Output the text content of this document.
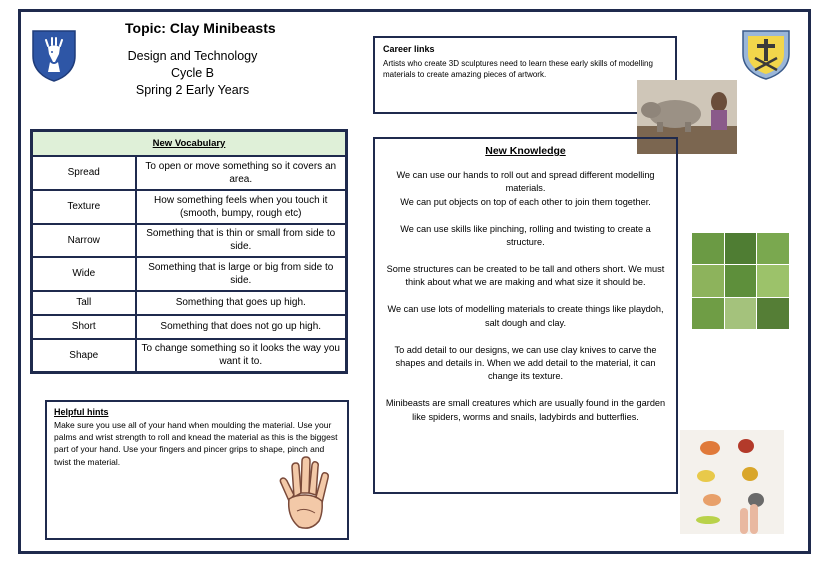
Topic: Clay Minibeasts
Design and Technology
Cycle B
Spring 2 Early Years
Career links
Artists who create 3D sculptures need to learn these early skills of modelling materials to create amazing pieces of artwork.
New Vocabulary	
Spread	To open or move something so it covers an area.
Texture	How something feels when you touch it (smooth, bumpy, rough etc)
Narrow	Something that is thin or small from side to side.
Wide	Something that is large or big from side to side.
Tall	Something that goes up high.
Short	Something that does not go up high.
Shape	To change something so it looks the way you want it to.
Helpful hints
Make sure you use all of your hand when moulding the material. Use your palms and wrist strength to roll and knead the material as this is the biggest part of your hand. Use your fingers and pincer grips to shape, pinch and twist the material.
New Knowledge
We can use our hands to roll out and spread different modelling materials.
We can put objects on top of each other to join them together.
We can use skills like pinching, rolling and twisting to create a structure.
Some structures can be created to be tall and others short. We must think about what we are making and what size it should be.
We can use lots of modelling materials to create things like playdoh, salt dough and clay.
To add detail to our designs, we can use clay knives to carve the shapes and details in. When we add detail to the material, it can change its texture.
Minibeasts are small creatures which are usually found in the garden like spiders, worms and snails, ladybirds and butterflies.
